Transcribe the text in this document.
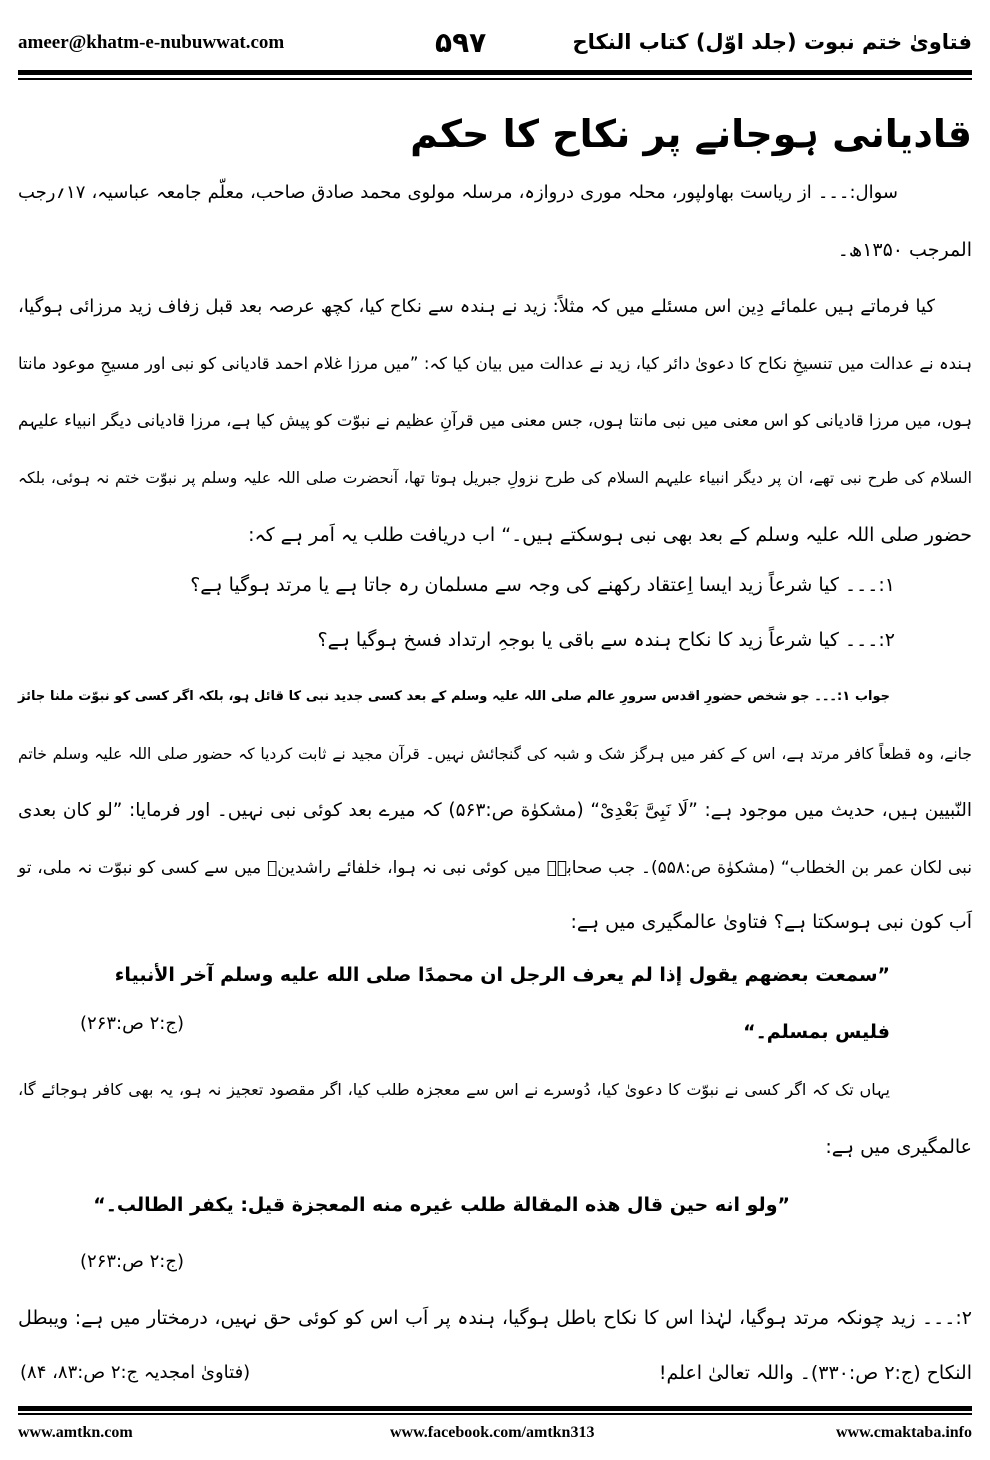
ameer@khatm-e-nubuwwat.com	۵۹۷	فتاویٰ ختم نبوت (جلد اوّل) کتاب النکاح
قادیانی ہوجانے پر نکاح کا حکم
سوال:۔۔۔ از ریاست بھاولپور، محلہ موری دروازہ، مرسلہ مولوی محمد صادق صاحب، معلّم جامعہ عباسیہ، ۱۷؍رجب
المرجب ۱۳۵۰ھ۔
کیا فرماتے ہیں علمائے دِین اس مسئلے میں کہ مثلاً: زید نے ہندہ سے نکاح کیا، کچھ عرصہ بعد قبل زفاف زید مرزائی ہوگیا،
ہندہ نے عدالت میں تنسیخِ نکاح کا دعویٰ دائر کیا، زید نے عدالت میں بیان کیا کہ: ”میں مرزا غلام احمد قادیانی کو نبی اور مسیحِ موعود مانتا
ہوں، میں مرزا قادیانی کو اس معنی میں نبی مانتا ہوں، جس معنی میں قرآنِ عظیم نے نبوّت کو پیش کیا ہے، مرزا قادیانی دیگر انبیاء علیہم
السلام کی طرح نبی تھے، ان پر دیگر انبیاء علیہم السلام کی طرح نزولِ جبریل ہوتا تھا، آنحضرت صلی اللہ علیہ وسلم پر نبوّت ختم نہ ہوئی، بلکہ
حضور صلی اللہ علیہ وسلم کے بعد بھی نبی ہوسکتے ہیں۔“ اب دریافت طلب یہ اَمر ہے کہ:
۱:۔۔۔ کیا شرعاً زید ایسا اِعتقاد رکھنے کی وجہ سے مسلمان رہ جاتا ہے یا مرتد ہوگیا ہے؟
۲:۔۔۔ کیا شرعاً زید کا نکاح ہندہ سے باقی یا بوجہِ ارتداد فسخ ہوگیا ہے؟
جواب ۱:۔۔۔ جو شخص حضورِ اقدس سرورِ عالم صلی اللہ علیہ وسلم کے بعد کسی جدید نبی کا قائل ہو، بلکہ اگر کسی کو نبوّت ملنا جائز
جانے، وہ قطعاً کافر مرتد ہے، اس کے کفر میں ہرگز شک و شبہ کی گنجائش نہیں۔ قرآن مجید نے ثابت کردیا کہ حضور صلی اللہ علیہ وسلم خاتم
النّبیین ہیں، حدیث میں موجود ہے: ”لَا نَبِیَّ بَعْدِیْ“ (مشکوٰة ص:۵۶۳) کہ میرے بعد کوئی نبی نہیں۔ اور فرمایا: ”لو کان بعدی
نبی لکان عمر بن الخطاب“ (مشکوٰة ص:۵۵۸)۔ جب صحابہؓ میں کوئی نبی نہ ہوا، خلفائے راشدینؓ میں سے کسی کو نبوّت نہ ملی، تو
اَب کون نبی ہوسکتا ہے؟ فتاویٰ عالمگیری میں ہے:
”سمعت بعضهم یقول إذا لم یعرف الرجل ان محمدًا صلی الله علیه وسلم آخر الأنبیاء
فلیس بمسلم۔“
(ج:۲ ص:۲۶۳)
یہاں تک کہ اگر کسی نے نبوّت کا دعویٰ کیا، دُوسرے نے اس سے معجزہ طلب کیا، اگر مقصود تعجیز نہ ہو، یہ بھی کافر ہوجائے گا،
عالمگیری میں ہے:
”ولو انه حین قال هذه المقالة طلب غیره منه المعجزة قیل: یکفر الطالب۔“
(ج:۲ ص:۲۶۳)
۲:۔۔۔ زید چونکہ مرتد ہوگیا، لہٰذا اس کا نکاح باطل ہوگیا، ہندہ پر اَب اس کو کوئی حق نہیں، درمختار میں ہے: ویبطل
النکاح (ج:۲ ص:۳۳۰)۔ واللہ تعالیٰ اعلم!
(فتاویٰ امجدیہ ج:۲ ص:۸۳، ۸۴)
www.amtkn.com	www.facebook.com/amtkn313	www.cmaktaba.info
